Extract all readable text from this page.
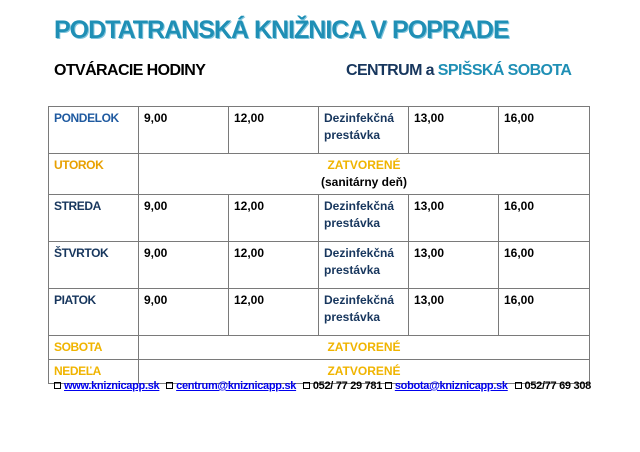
PODTATRANSKÁ KNIŽNICA V POPRADE
OTVÁRACIE HODINY	CENTRUM a SPIŠSKÁ SOBOTA
PONDELOK	9,00	12,00	Dezinfekčná prestávka	13,00	16,00
UTOROK	ZATVORENÉ
(sanitárny deň)				

STREDA	9,00	12,00	Dezinfekčná prestávka	13,00	16,00
ŠTVRTOK	9,00	12,00	Dezinfekčná prestávka	13,00	16,00
PIATOK	9,00	12,00	Dezinfekčná prestávka	13,00	16,00
SOBOTA	ZATVORENÉ				
NEDEĽA	ZATVORENÉ				
www.kniznicapp.sk centrum@kniznicapp.sk 052/ 77 29 781 sobota@kniznicapp.sk 052/77 69 308
